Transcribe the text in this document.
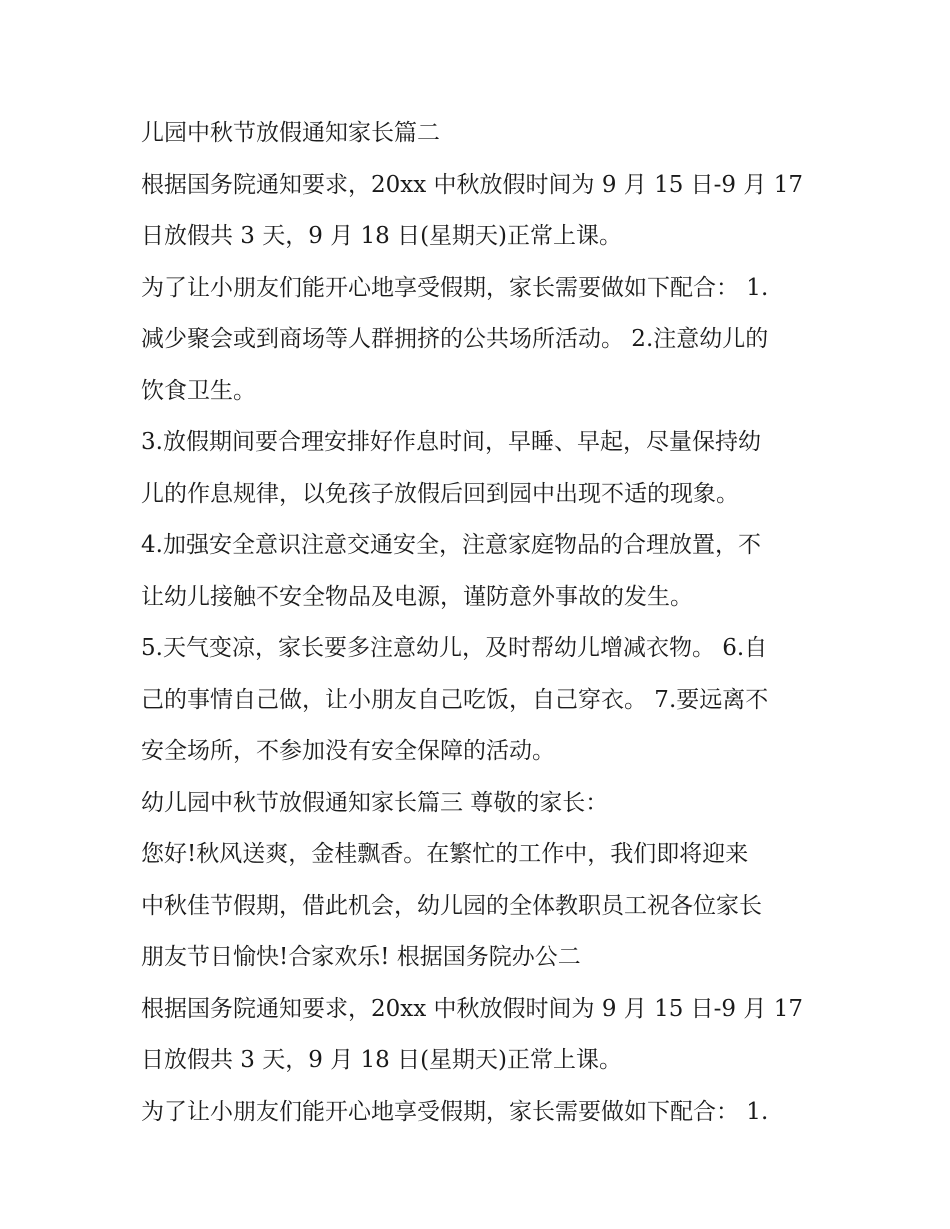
儿园中秋节放假通知家长篇二
根据国务院通知要求，20xx 中秋放假时间为 9 月 15 日-9 月 17
日放假共 3 天，9 月 18 日(星期天)正常上课。
为了让小朋友们能开心地享受假期，家长需要做如下配合： 1.
减少聚会或到商场等人群拥挤的公共场所活动。 2.注意幼儿的
饮食卫生。
3.放假期间要合理安排好作息时间，早睡、早起，尽量保持幼
儿的作息规律，以免孩子放假后回到园中出现不适的现象。
4.加强安全意识注意交通安全，注意家庭物品的合理放置，不
让幼儿接触不安全物品及电源，谨防意外事故的发生。
5.天气变凉，家长要多注意幼儿，及时帮幼儿增减衣物。 6.自
己的事情自己做，让小朋友自己吃饭，自己穿衣。 7.要远离不
安全场所，不参加没有安全保障的活动。
幼儿园中秋节放假通知家长篇三 尊敬的家长：
您好!秋风送爽，金桂飘香。在繁忙的工作中，我们即将迎来
中秋佳节假期，借此机会，幼儿园的全体教职员工祝各位家长
朋友节日愉快!合家欢乐! 根据国务院办公二
根据国务院通知要求，20xx 中秋放假时间为 9 月 15 日-9 月 17
日放假共 3 天，9 月 18 日(星期天)正常上课。
为了让小朋友们能开心地享受假期，家长需要做如下配合： 1.
